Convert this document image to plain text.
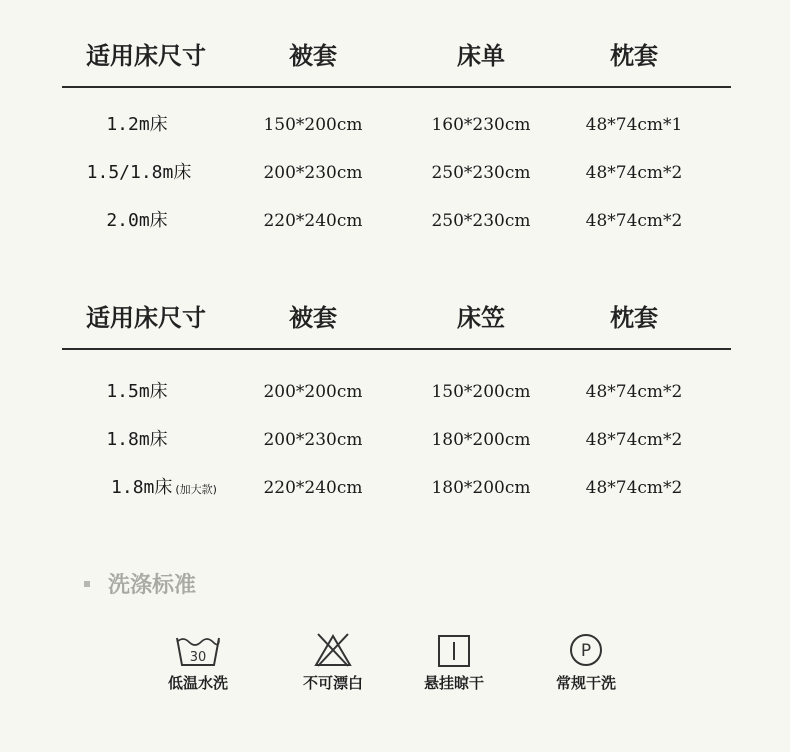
适用床尺寸	被套	床单	枕套
1.2m床	150*200cm	160*230cm	48*74cm*1
1.5/1.8m床	200*230cm	250*230cm	48*74cm*2
2.0m床	220*240cm	250*230cm	48*74cm*2
适用床尺寸	被套	床笠	枕套
1.5m床	200*200cm	150*200cm	48*74cm*2
1.8m床	200*230cm	180*200cm	48*74cm*2
1.8m床 (加大款)	220*240cm	180*200cm	48*74cm*2
洗涤标准
30
低温水洗	不可漂白	悬挂晾干
P
常规干洗
